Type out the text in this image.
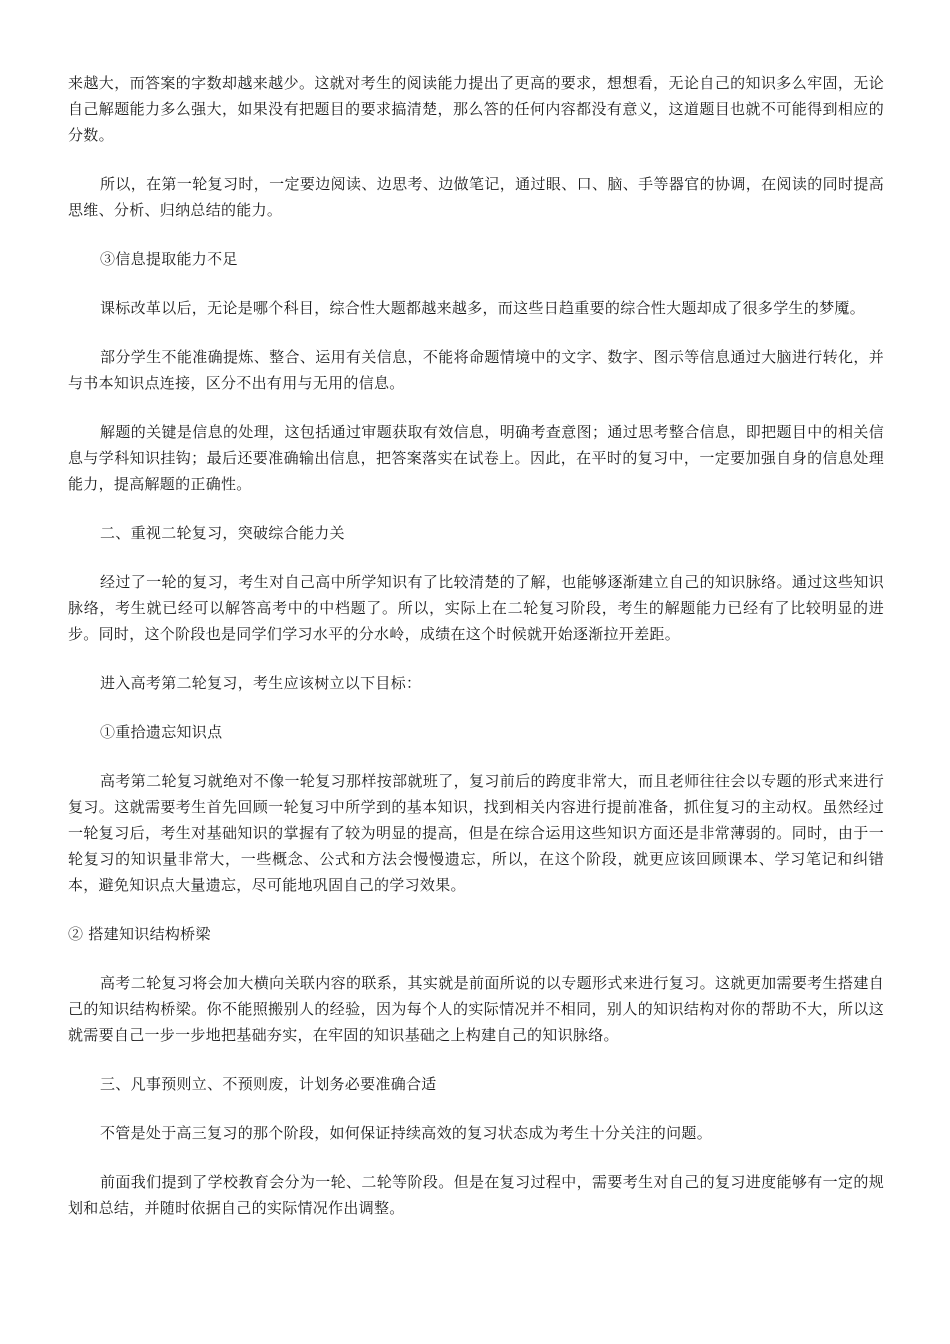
来越大，而答案的字数却越来越少。这就对考生的阅读能力提出了更高的要求，想想看，无论自己的知识多么牢固，无论自己解题能力多么强大，如果没有把题目的要求搞清楚，那么答的任何内容都没有意义，这道题目也就不可能得到相应的分数。

所以，在第一轮复习时，一定要边阅读、边思考、边做笔记，通过眼、口、脑、手等器官的协调，在阅读的同时提高思维、分析、归纳总结的能力。

③信息提取能力不足

课标改革以后，无论是哪个科目，综合性大题都越来越多，而这些日趋重要的综合性大题却成了很多学生的梦魇。

部分学生不能准确提炼、整合、运用有关信息，不能将命题情境中的文字、数字、图示等信息通过大脑进行转化，并与书本知识点连接，区分不出有用与无用的信息。

解题的关键是信息的处理，这包括通过审题获取有效信息，明确考查意图；通过思考整合信息，即把题目中的相关信息与学科知识挂钩；最后还要准确输出信息，把答案落实在试卷上。因此，在平时的复习中，一定要加强自身的信息处理能力，提高解题的正确性。

二、重视二轮复习，突破综合能力关

经过了一轮的复习，考生对自己高中所学知识有了比较清楚的了解，也能够逐渐建立自己的知识脉络。通过这些知识脉络，考生就已经可以解答高考中的中档题了。所以，实际上在二轮复习阶段，考生的解题能力已经有了比较明显的进步。同时，这个阶段也是同学们学习水平的分水岭，成绩在这个时候就开始逐渐拉开差距。

进入高考第二轮复习，考生应该树立以下目标：

①重拾遗忘知识点

高考第二轮复习就绝对不像一轮复习那样按部就班了，复习前后的跨度非常大，而且老师往往会以专题的形式来进行复习。这就需要考生首先回顾一轮复习中所学到的基本知识，找到相关内容进行提前准备，抓住复习的主动权。虽然经过一轮复习后，考生对基础知识的掌握有了较为明显的提高，但是在综合运用这些知识方面还是非常薄弱的。同时，由于一轮复习的知识量非常大，一些概念、公式和方法会慢慢遗忘，所以，在这个阶段，就更应该回顾课本、学习笔记和纠错本，避免知识点大量遗忘，尽可能地巩固自己的学习效果。

② 搭建知识结构桥梁

高考二轮复习将会加大横向关联内容的联系，其实就是前面所说的以专题形式来进行复习。这就更加需要考生搭建自己的知识结构桥梁。你不能照搬别人的经验，因为每个人的实际情况并不相同，别人的知识结构对你的帮助不大，所以这就需要自己一步一步地把基础夯实，在牢固的知识基础之上构建自己的知识脉络。

三、凡事预则立、不预则废，计划务必要准确合适

不管是处于高三复习的那个阶段，如何保证持续高效的复习状态成为考生十分关注的问题。

前面我们提到了学校教育会分为一轮、二轮等阶段。但是在复习过程中，需要考生对自己的复习进度能够有一定的规划和总结，并随时依据自己的实际情况作出调整。
